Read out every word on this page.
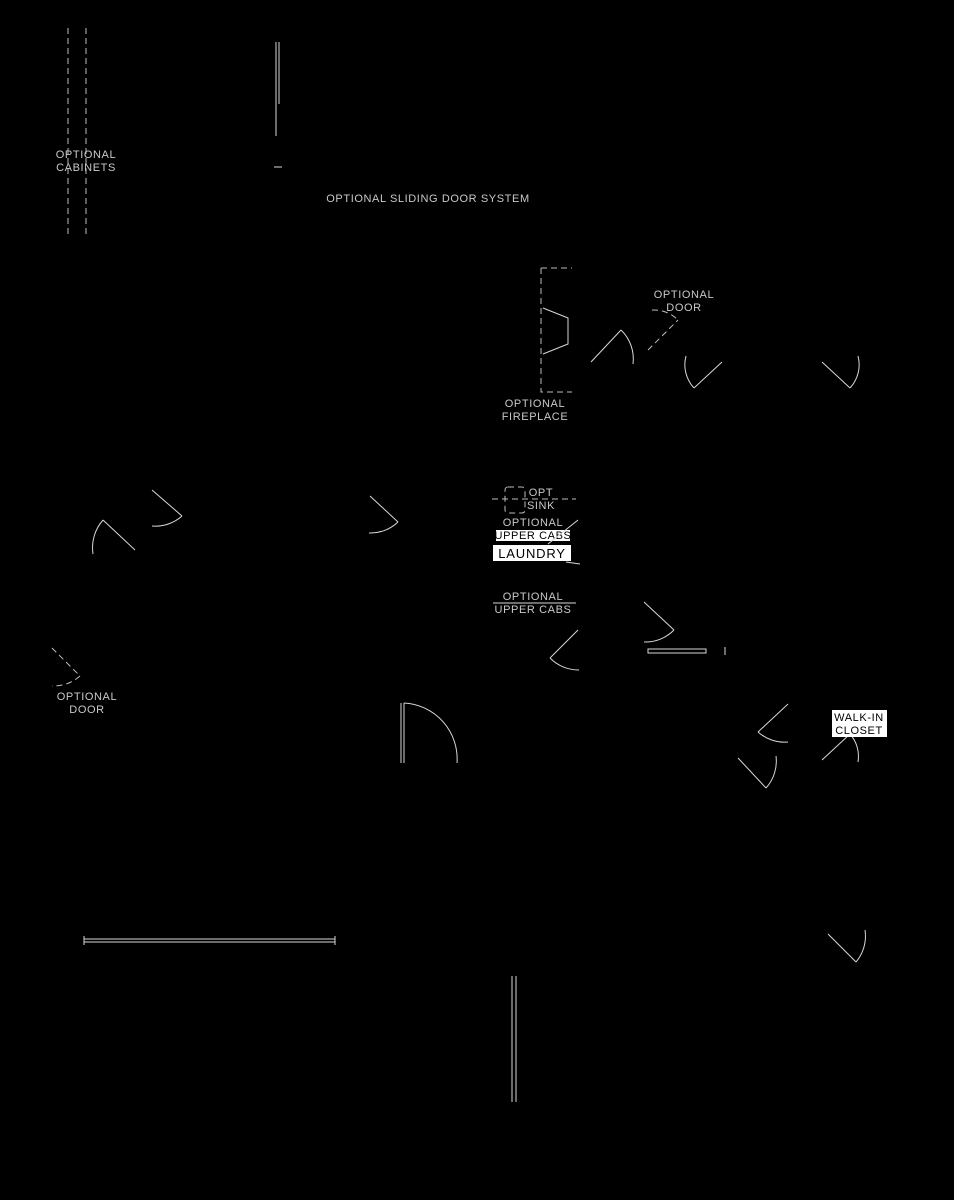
OPTIONAL
CABINETS
OPTIONAL SLIDING DOOR SYSTEM
OPTIONAL
FIREPLACE
OPTIONAL
DOOR
OPT
SINK
OPTIONAL
UPPER CABS
LAUNDRY
OPTIONAL
UPPER CABS
OPTIONAL
DOOR
WALK-IN
CLOSET
